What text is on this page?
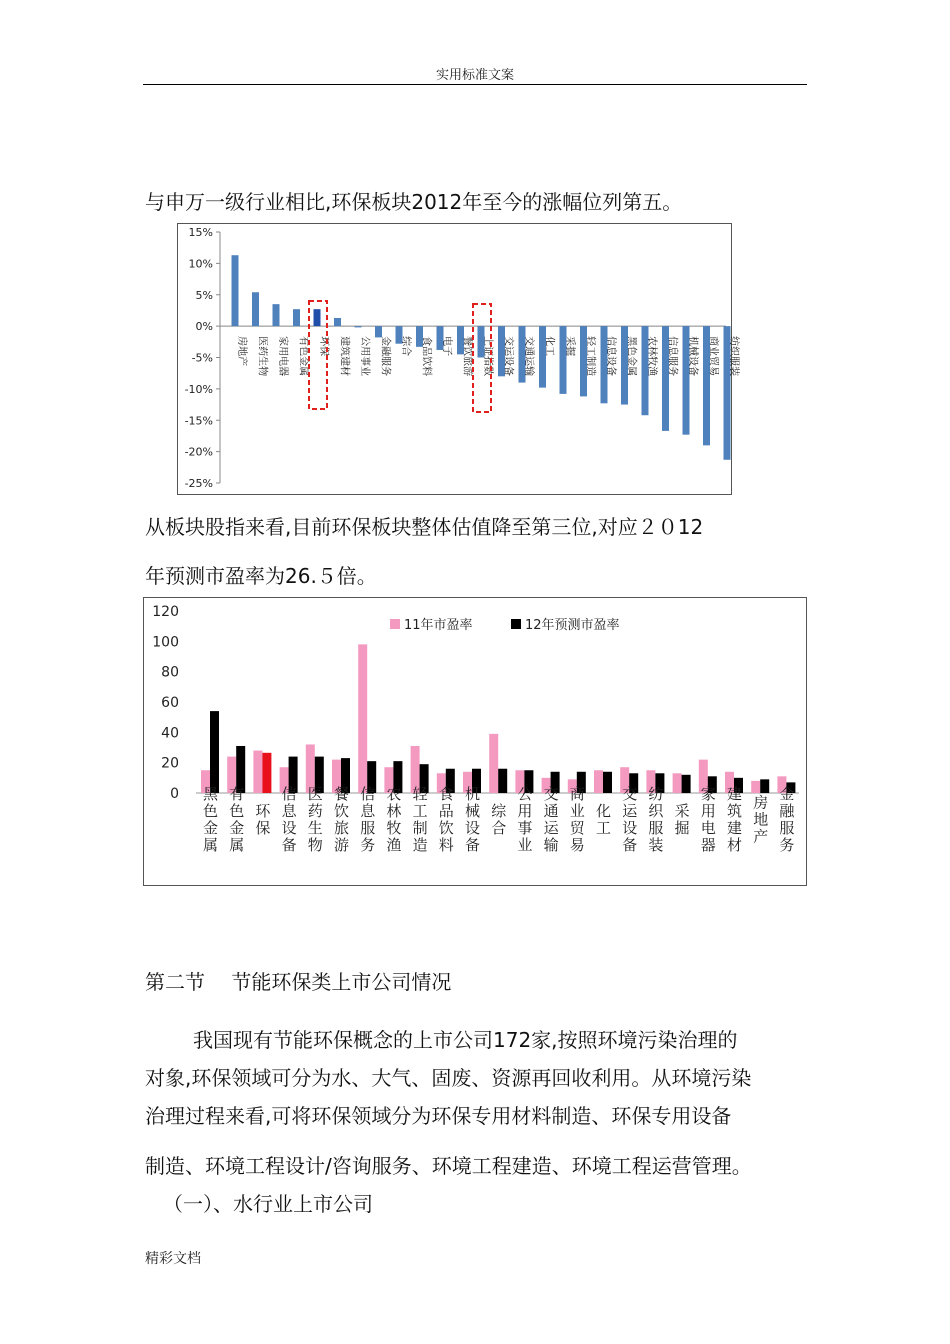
实用标准文案
与申万一级行业相比,环保板块2012年至今的涨幅位列第五。
15%
10%
5%
0%
-5%
-10%
-15%
-20%
-25%
房地产 医药生物 家用电器 有色金属 环保 建筑建材 公用事业 金融服务 综合 食品饮料 电子 餐饮旅游 上证指数 交运设备 交通运输 化工 采掘 轻工制造 信息设备 黑色金属 农林牧渔 信息服务 机械设备 商业贸易 纺织服装
从板块股指来看,目前环保板块整体估值降至第三位,对应２０12
年预测市盈率为26.５倍。
120
100
80
60
40
20
0
11年市盈率	12年预测市盈率
黑色金属 有色金属 环保 信息设备 医药生物 餐饮旅游 信息服务 农林牧渔 轻工制造 食品饮料 机械设备 综合 公用事业 交通运输 商业贸易 化工 交运设备 纺织服装 采掘 家用电器 建筑建材 房地产 金融服务
第二节　 节能环保类上市公司情况
我国现有节能环保概念的上市公司172家,按照环境污染治理的
对象,环保领域可分为水、大气、固废、资源再回收利用。从环境污染
治理过程来看,可将环保领域分为环保专用材料制造、环保专用设备
制造、环境工程设计/咨询服务、环境工程建造、环境工程运营管理。
（一）、水行业上市公司
精彩文档
